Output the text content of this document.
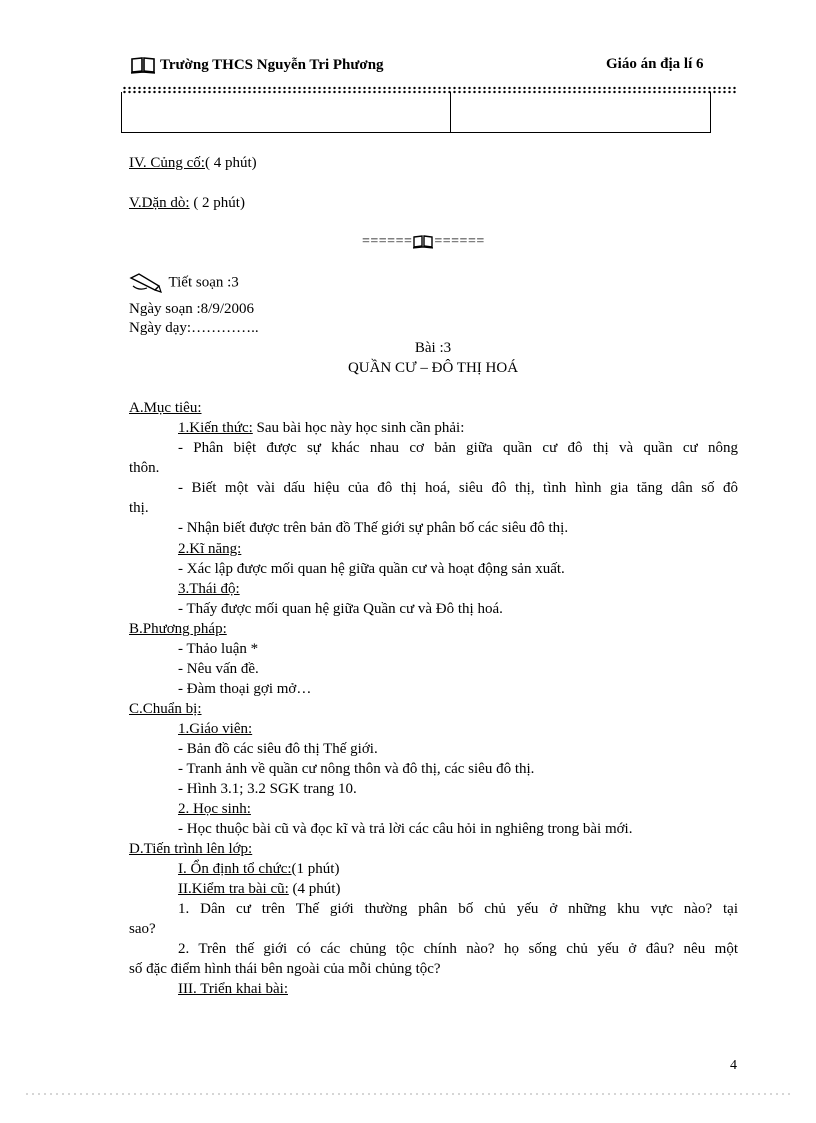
Trường THCS Nguyễn Tri Phương	Giáo án địa lí 6
IV. Củng cố:( 4 phút)
V.Dặn dò: ( 2 phút)
====== ======
Tiết soạn :3
Ngày soạn :8/9/2006
Ngày dạy:…………..
Bài :3
QUẦN CƯ – ĐÔ THỊ HOÁ
A.Mục tiêu:
1.Kiến thức: Sau bài học này học sinh cần phải:
- Phân biệt được sự khác nhau cơ bản giữa quần cư đô thị và quần cư nông
thôn.
- Biết một vài dấu hiệu của đô thị hoá, siêu đô thị, tình hình gia tăng dân số đô
thị.
- Nhận biết được trên bản đồ Thế giới sự phân bố các siêu đô thị.
2.Kĩ năng:
- Xác lập được mối quan hệ giữa quần cư và hoạt động sản xuất.
3.Thái độ:
- Thấy được mối quan hệ giữa Quần cư và Đô thị hoá.
B.Phương pháp:
- Thảo luận *
- Nêu vấn đề.
- Đàm thoại gợi mở…
C.Chuẩn bị:
1.Giáo viên:
- Bản đồ các siêu đô thị Thế giới.
- Tranh ảnh về quần cư nông thôn và đô thị, các siêu đô thị.
- Hình 3.1; 3.2 SGK trang 10.
2. Học sinh:
- Học thuộc bài cũ và đọc kĩ và trả lời các câu hỏi in nghiêng trong bài mới.
D.Tiến trình lên lớp:
I. Ổn định tổ chức:(1 phút)
II.Kiểm tra bài cũ: (4 phút)
1. Dân cư trên Thế giới thường phân bố chủ yếu ở những khu vực nào? tại
sao?
2. Trên thế giới có các chủng tộc chính nào? họ sống chủ yếu ở đâu? nêu một
số đặc điểm hình thái bên ngoài của mỗi chủng tộc?
III. Triển khai bài:
4
